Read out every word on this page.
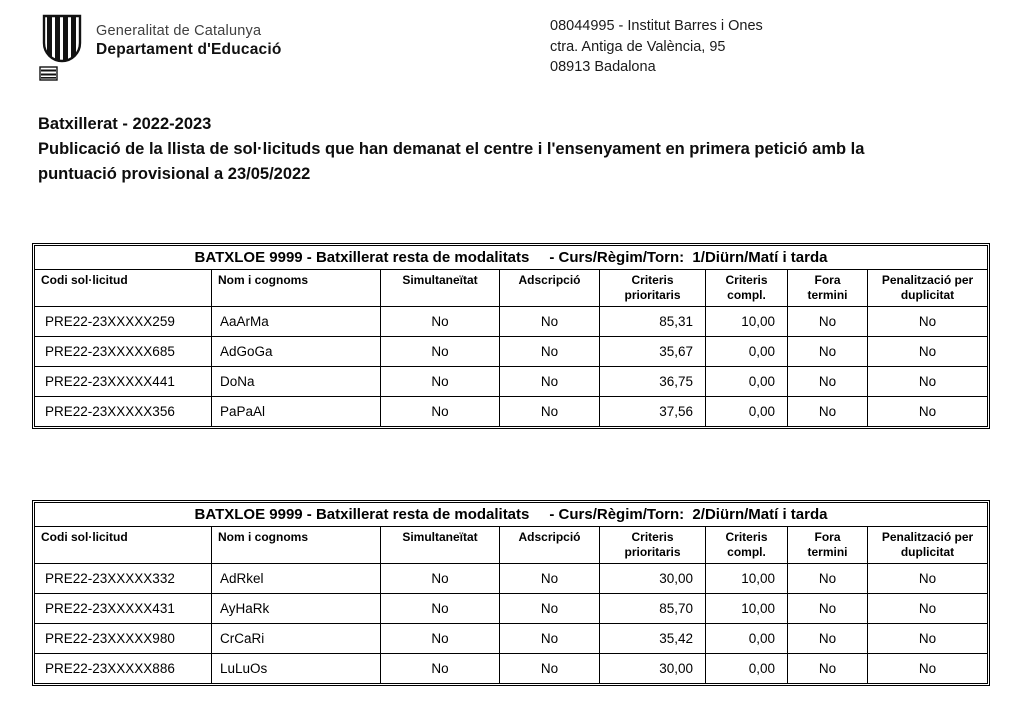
Generalitat de Catalunya
Departament d'Educació
08044995 - Institut Barres i Ones
ctra. Antiga de València, 95
08913 Badalona
Batxillerat - 2022-2023
Publicació de la llista de sol·licituds que han demanat el centre i l'ensenyament en primera petició amb la puntuació provisional a 23/05/2022
BATXLOE 9999 - Batxillerat resta de modalitats - Curs/Règim/Torn:  1/Diürn/Matí i tarda							

Codi sol·licitud	Nom i cognoms	Simultaneïtat	Adscripció	Criteris prioritaris	Criteris compl.	Fora termini	Penalització per duplicitat
PRE22-23XXXXX259	AaArMa	No	No	85,31	10,00	No	No
PRE22-23XXXXX685	AdGoGa	No	No	35,67	0,00	No	No
PRE22-23XXXXX441	DoNa	No	No	36,75	0,00	No	No
PRE22-23XXXXX356	PaPaAl	No	No	37,56	0,00	No	No
BATXLOE 9999 - Batxillerat resta de modalitats - Curs/Règim/Torn:  2/Diürn/Matí i tarda							

Codi sol·licitud	Nom i cognoms	Simultaneïtat	Adscripció	Criteris prioritaris	Criteris compl.	Fora termini	Penalització per duplicitat
PRE22-23XXXXX332	AdRkel	No	No	30,00	10,00	No	No
PRE22-23XXXXX431	AyHaRk	No	No	85,70	10,00	No	No
PRE22-23XXXXX980	CrCaRi	No	No	35,42	0,00	No	No
PRE22-23XXXXX886	LuLuOs	No	No	30,00	0,00	No	No
